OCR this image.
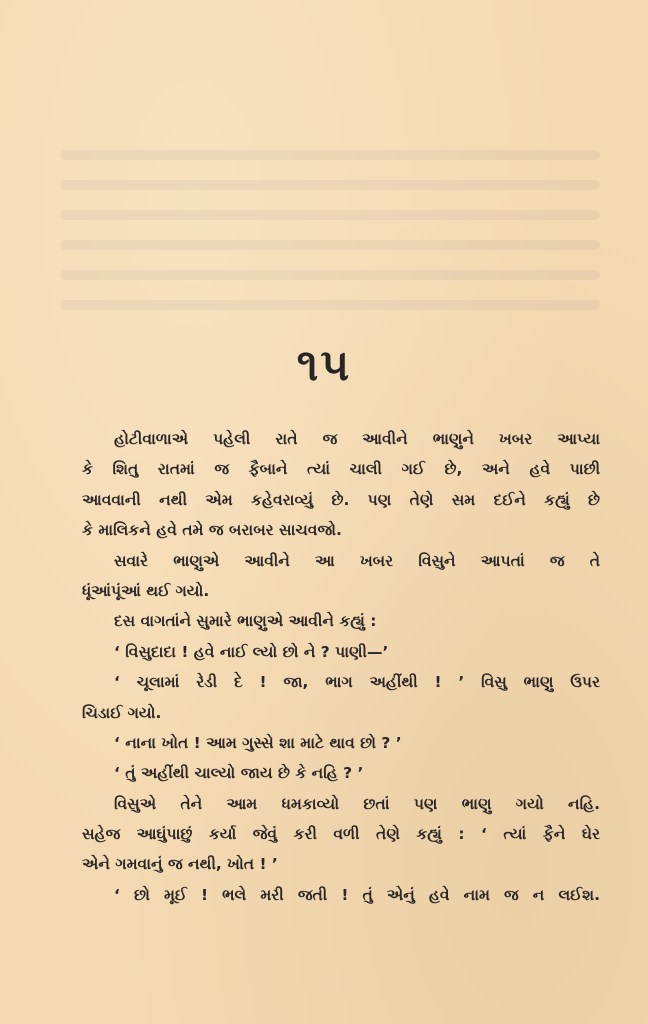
૧૫
હોટીવાળાએ પહેલી રાતે જ આવીને ભાણુને ખબર આપ્યા
કે શિતુ રાતમાં જ ફૈબાને ત્યાં ચાલી ગઈ છે, અને હવે પાછી
આવવાની નથી એમ કહેવરાવ્યું છે. પણ તેણે સમ દઈને કહ્યું છે
કે માલિકને હવે તમે જ બરાબર સાચવજો.
સવારે ભાણુએ આવીને આ ખબર વિસુને આપતાં જ તે
ધૂંઆંપૂંઆં થઈ ગયો.
દસ વાગતાંને સુમારે ભાણુએ આવીને કહ્યું :
‘ વિસુદાદા ! હવે નાઈ લ્યો છો ને ? પાણી—’
‘ ચૂલામાં રેડી દે ! જા, ભાગ અહીંથી ! ’ વિસુ ભાણુ ઉપર
ચિડાઈ ગયો.
‘ નાના ખોત ! આમ ગુસ્સે શા માટે થાવ છો ? ’
‘ તું અહીંથી ચાલ્યો જાય છે કે નહિ ? ’
વિસુએ તેને આમ ધમકાવ્યો છતાં પણ ભાણુ ગયો નહિ.
સહેજ આઘુંપાછું કર્યા જેવું કરી વળી તેણે કહ્યું : ‘ ત્યાં ફૈને ઘેર
એને ગમવાનું જ નથી, ખોત ! ’
‘ છો મૂઈ ! ભલે મરી જતી ! તું એનું હવે નામ જ ન લઈશ.
